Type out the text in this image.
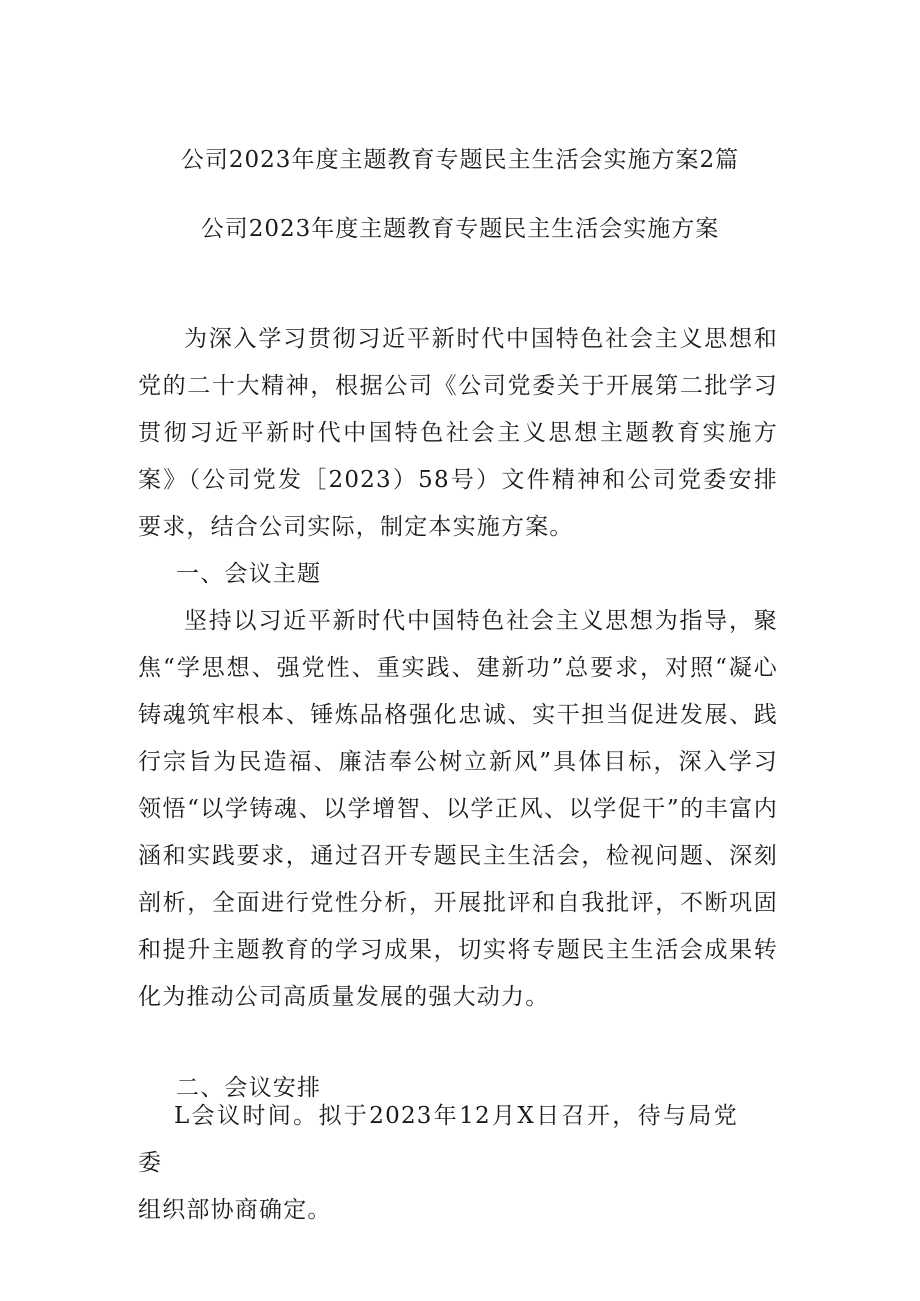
公司2023年度主题教育专题民主生活会实施方案2篇
公司2023年度主题教育专题民主生活会实施方案
为深入学习贯彻习近平新时代中国特色社会主义思想和党的二十大精神，根据公司《公司党委关于开展第二批学习贯彻习近平新时代中国特色社会主义思想主题教育实施方案》（公司党发［2023）58号）文件精神和公司党委安排要求，结合公司实际，制定本实施方案。
一、会议主题
坚持以习近平新时代中国特色社会主义思想为指导，聚焦“学思想、强党性、重实践、建新功”总要求，对照“凝心铸魂筑牢根本、锤炼品格强化忠诚、实干担当促进发展、践行宗旨为民造福、廉洁奉公树立新风”具体目标，深入学习领悟“以学铸魂、以学增智、以学正风、以学促干”的丰富内涵和实践要求，通过召开专题民主生活会，检视问题、深刻剖析，全面进行党性分析，开展批评和自我批评，不断巩固和提升主题教育的学习成果，切实将专题民主生活会成果转化为推动公司高质量发展的强大动力。
二、会议安排
L会议时间。拟于2023年12月X日召开，待与局党委
组织部协商确定。
